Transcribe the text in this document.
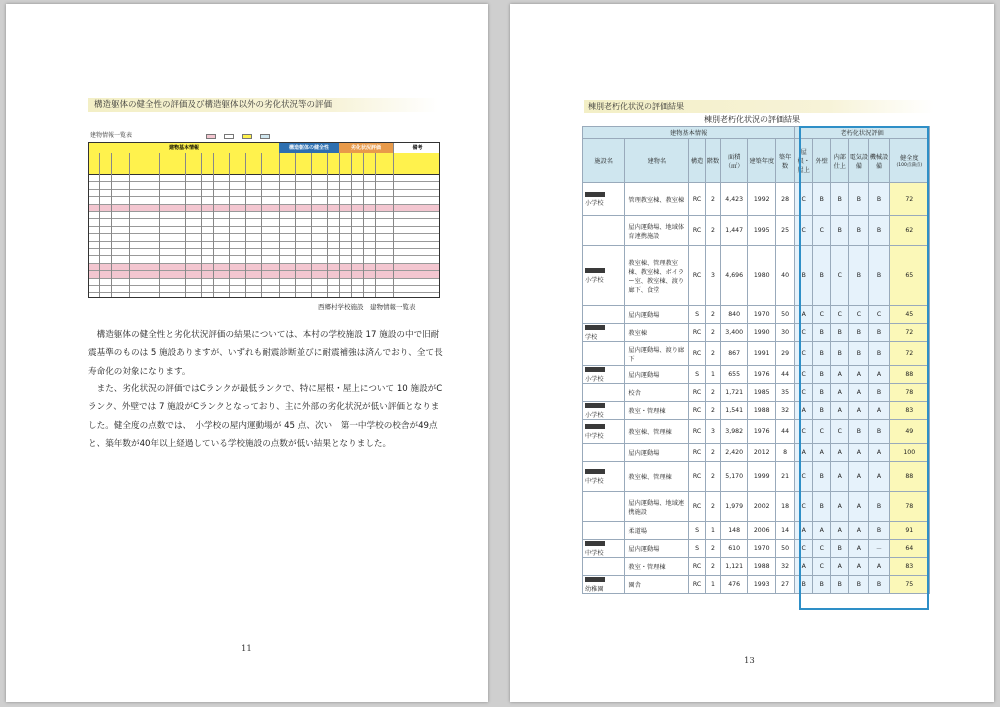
構造躯体の健全性の評価及び構造躯体以外の劣化状況等の評価
建物情報一覧表
建物基本情報	構造躯体の健全性	劣化状況評価	備考
西郷村学校施設　建物情報一覧表

構造躯体の健全性と劣化状況評価の結果については、本村の学校施設 17 施設の中で旧耐震基準のものは 5 施設ありますが、いずれも耐震診断並びに耐震補強は済んでおり、全て長寿命化の対象になります。

また、劣化状況の評価ではCランクが最低ランクで、特に屋根・屋上について 10 施設がCランク、外壁では 7 施設がCランクとなっており、主に外部の劣化状況が低い評価となりました。健全度の点数では、　小学校の屋内運動場が 45 点、次い　第一中学校の校舎が49点と、築年数が40年以上経過している学校施設の点数が低い結果となりました。

11
棟別老朽化状況の評価結果
棟別老朽化状況の評価結果
建物基本情報							老朽化状況評価					
施設名	建物名	構造	階数	面積（㎡）	建築年度	築年数	屋根・屋上	外壁	内部仕上	電気設備	機械設備	健全度
(100点満点)

小学校	管理教室棟、教室棟	RC	2	4,423	1992	28	C	B	B	B	B	72
	屋内運動場、地域体育連携施設	RC	2	1,447	1995	25	C	C	B	B	B	62

小学校	教室棟、管理教室棟、教室棟、ボイラー室、教室棟、渡り廊下、食堂	RC	3	4,696	1980	40	B	B	C	B	B	65
	屋内運動場	S	2	840	1970	50	A	C	C	C	C	45

学校	教室棟	RC	2	3,400	1990	30	C	B	B	B	B	72
	屋内運動場、渡り廊下	RC	2	867	1991	29	C	B	B	B	B	72

小学校	屋内運動場	S	1	655	1976	44	C	B	A	A	A	88
	校舎	RC	2	1,721	1985	35	C	B	A	A	B	78

小学校	教室・管理棟	RC	2	1,541	1988	32	A	B	A	A	A	83

中学校	教室棟、管理棟	RC	3	3,982	1976	44	C	C	C	B	B	49
	屋内運動場	RC	2	2,420	2012	8	A	A	A	A	A	100

中学校	教室棟、管理棟	RC	2	5,170	1999	21	C	B	A	A	A	88
	屋内運動場、地域連携施設	RC	2	1,979	2002	18	C	B	A	A	B	78
	柔道場	S	1	148	2006	14	A	A	A	A	B	91

中学校	屋内運動場	S	2	610	1970	50	C	C	B	A	－	64
	教室・管理棟	RC	2	1,121	1988	32	A	C	A	A	A	83

幼稚園	園舎	RC	1	476	1993	27	B	B	B	B	B	75
13
